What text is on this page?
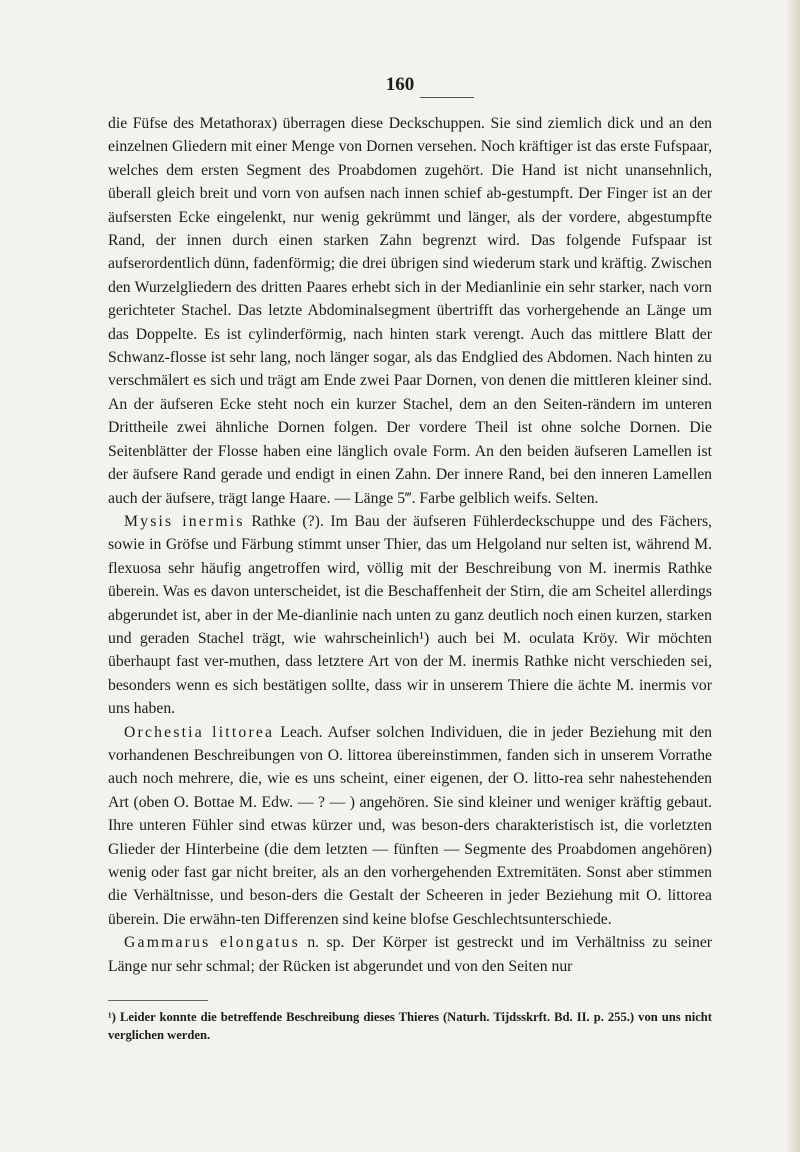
160

die Füfse des Metathorax) überragen diese Deckschuppen. Sie sind ziemlich dick und an den einzelnen Gliedern mit einer Menge von Dornen versehen. Noch kräftiger ist das erste Fufspaar, welches dem ersten Segment des Proabdomen zugehört. Die Hand ist nicht unansehnlich, überall gleich breit und vorn von aufsen nach innen schief ab-gestumpft. Der Finger ist an der äufsersten Ecke eingelenkt, nur wenig gekrümmt und länger, als der vordere, abgestumpfte Rand, der innen durch einen starken Zahn begrenzt wird. Das folgende Fufspaar ist aufserordentlich dünn, fadenförmig; die drei übrigen sind wiederum stark und kräftig. Zwischen den Wurzelgliedern des dritten Paares erhebt sich in der Medianlinie ein sehr starker, nach vorn gerichteter Stachel. Das letzte Abdominalsegment übertrifft das vorhergehende an Länge um das Doppelte. Es ist cylinderförmig, nach hinten stark verengt. Auch das mittlere Blatt der Schwanz-flosse ist sehr lang, noch länger sogar, als das Endglied des Abdomen. Nach hinten zu verschmälert es sich und trägt am Ende zwei Paar Dornen, von denen die mittleren kleiner sind. An der äufseren Ecke steht noch ein kurzer Stachel, dem an den Seiten-rändern im unteren Drittheile zwei ähnliche Dornen folgen. Der vordere Theil ist ohne solche Dornen. Die Seitenblätter der Flosse haben eine länglich ovale Form. An den beiden äufseren Lamellen ist der äufsere Rand gerade und endigt in einen Zahn. Der innere Rand, bei den inneren Lamellen auch der äufsere, trägt lange Haare. — Länge 5‴. Farbe gelblich weifs. Selten.

Mysis inermis Rathke (?). Im Bau der äufseren Fühlerdeckschuppe und des Fächers, sowie in Gröfse und Färbung stimmt unser Thier, das um Helgoland nur selten ist, während M. flexuosa sehr häufig angetroffen wird, völlig mit der Beschreibung von M. inermis Rathke überein. Was es davon unterscheidet, ist die Beschaffenheit der Stirn, die am Scheitel allerdings abgerundet ist, aber in der Me-dianlinie nach unten zu ganz deutlich noch einen kurzen, starken und geraden Stachel trägt, wie wahrscheinlich¹) auch bei M. oculata Kröy. Wir möchten überhaupt fast ver-muthen, dass letztere Art von der M. inermis Rathke nicht verschieden sei, besonders wenn es sich bestätigen sollte, dass wir in unserem Thiere die ächte M. inermis vor uns haben.

Orchestia littorea Leach. Aufser solchen Individuen, die in jeder Beziehung mit den vorhandenen Beschreibungen von O. littorea übereinstimmen, fanden sich in unserem Vorrathe auch noch mehrere, die, wie es uns scheint, einer eigenen, der O. litto-rea sehr nahestehenden Art (oben O. Bottae M. Edw. — ? — ) angehören. Sie sind kleiner und weniger kräftig gebaut. Ihre unteren Fühler sind etwas kürzer und, was beson-ders charakteristisch ist, die vorletzten Glieder der Hinterbeine (die dem letzten — fünften — Segmente des Proabdomen angehören) wenig oder fast gar nicht breiter, als an den vorhergehenden Extremitäten. Sonst aber stimmen die Verhältnisse, und beson-ders die Gestalt der Scheeren in jeder Beziehung mit O. littorea überein. Die erwähn-ten Differenzen sind keine blofse Geschlechtsunterschiede.

Gammarus elongatus n. sp. Der Körper ist gestreckt und im Verhältniss zu seiner Länge nur sehr schmal; der Rücken ist abgerundet und von den Seiten nur

¹) Leider konnte die betreffende Beschreibung dieses Thieres (Naturh. Tijdsskrft. Bd. II. p. 255.) von uns nicht verglichen werden.
